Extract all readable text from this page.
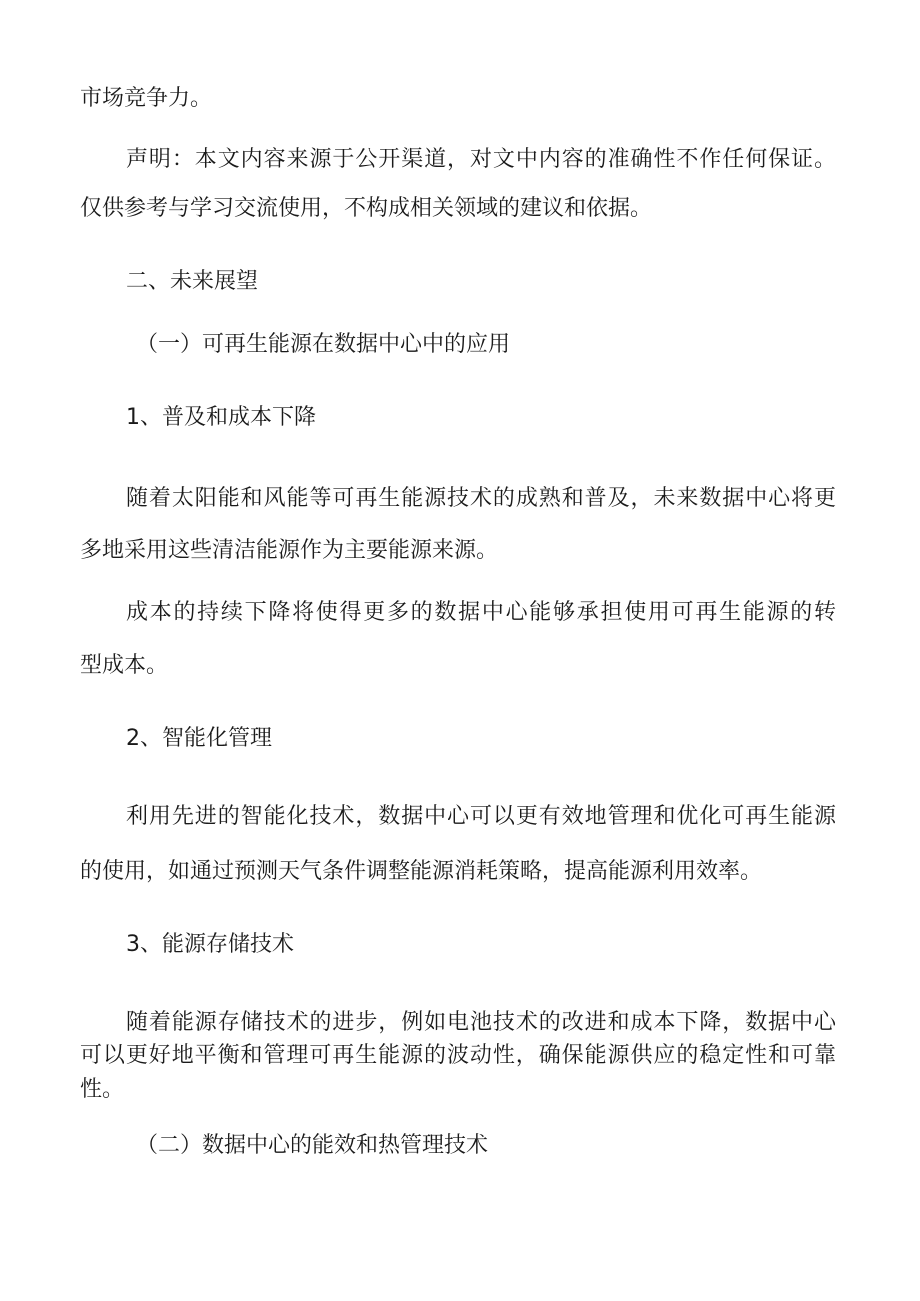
市场竞争力。

声明：本文内容来源于公开渠道，对文中内容的准确性不作任何保证。

仅供参考与学习交流使用，不构成相关领域的建议和依据。

二、未来展望
（一）可再生能源在数据中心中的应用
1、普及和成本下降

随着太阳能和风能等可再生能源技术的成熟和普及，未来数据中心将更

多地采用这些清洁能源作为主要能源来源。

成本的持续下降将使得更多的数据中心能够承担使用可再生能源的转

型成本。

2、智能化管理

利用先进的智能化技术，数据中心可以更有效地管理和优化可再生能源

的使用，如通过预测天气条件调整能源消耗策略，提高能源利用效率。

3、能源存储技术

随着能源存储技术的进步，例如电池技术的改进和成本下降，数据中心

可以更好地平衡和管理可再生能源的波动性，确保能源供应的稳定性和可靠

性。

（二）数据中心的能效和热管理技术
